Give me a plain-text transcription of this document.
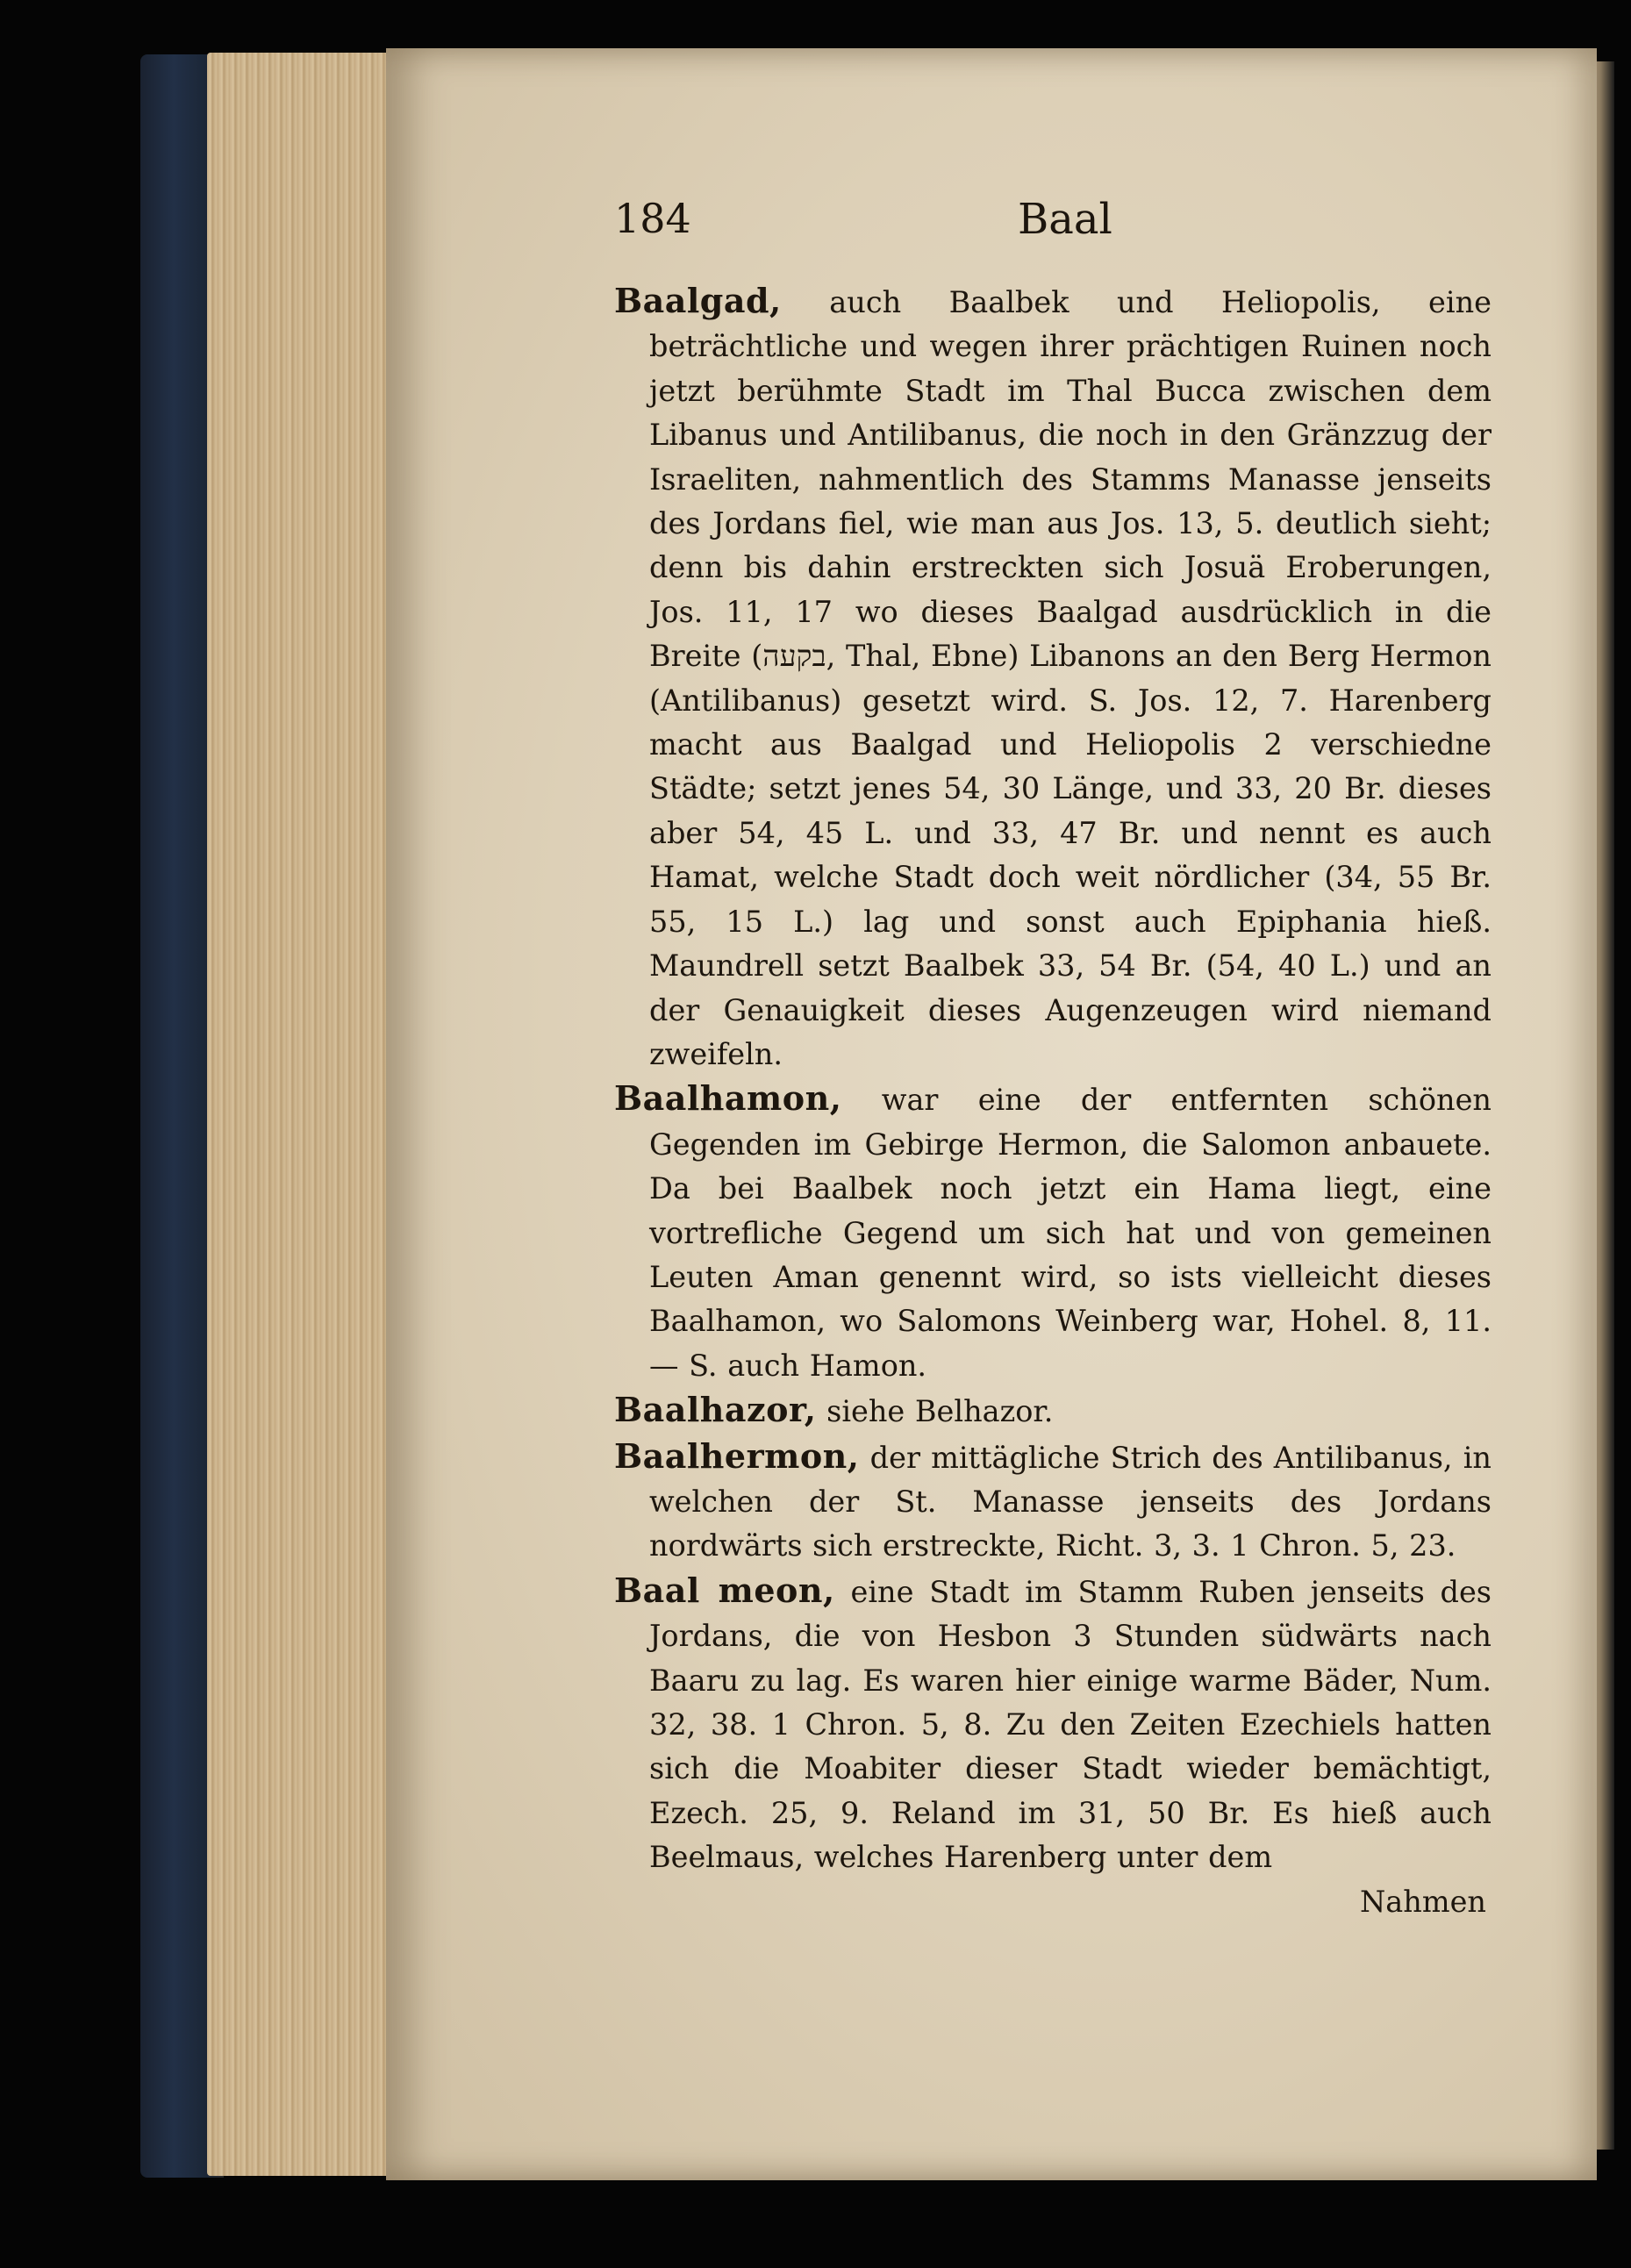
184	Baal

Baalgad, auch Baalbek und Heliopolis, eine beträchtliche und wegen ihrer prächtigen Ruinen noch jetzt berühmte Stadt im Thal Bucca zwischen dem Libanus und Antilibanus, die noch in den Gränzzug der Israeliten, nahmentlich des Stamms Manasse jenseits des Jordans fiel, wie man aus Jos. 13, 5. deutlich sieht; denn bis dahin erstreckten sich Josuä Eroberungen, Jos. 11, 17 wo dieses Baalgad ausdrücklich in die Breite (בקעה, Thal, Ebne) Libanons an den Berg Hermon (Antilibanus) gesetzt wird. S. Jos. 12, 7. Harenberg macht aus Baalgad und Heliopolis 2 verschiedne Städte; setzt jenes 54, 30 Länge, und 33, 20 Br. dieses aber 54, 45 L. und 33, 47 Br. und nennt es auch Hamat, welche Stadt doch weit nördlicher (34, 55 Br. 55, 15 L.) lag und sonst auch Epiphania hieß. Maundrell setzt Baalbek 33, 54 Br. (54, 40 L.) und an der Genauigkeit dieses Augenzeugen wird niemand zweifeln.

Baalhamon, war eine der entfernten schönen Gegenden im Gebirge Hermon, die Salomon anbauete. Da bei Baalbek noch jetzt ein Hama liegt, eine vortrefliche Gegend um sich hat und von gemeinen Leuten Aman genennt wird, so ists vielleicht dieses Baalhamon, wo Salomons Weinberg war, Hohel. 8, 11. — S. auch Hamon.

Baalhazor, siehe Belhazor.

Baalhermon, der mittägliche Strich des Antilibanus, in welchen der St. Manasse jenseits des Jordans nordwärts sich erstreckte, Richt. 3, 3. 1 Chron. 5, 23.

Baal meon, eine Stadt im Stamm Ruben jenseits des Jordans, die von Hesbon 3 Stunden südwärts nach Baaru zu lag. Es waren hier einige warme Bäder, Num. 32, 38. 1 Chron. 5, 8. Zu den Zeiten Ezechiels hatten sich die Moabiter dieser Stadt wieder bemächtigt, Ezech. 25, 9. Reland im 31, 50 Br. Es hieß auch Beelmaus, welches Harenberg unter dem

Nahmen
